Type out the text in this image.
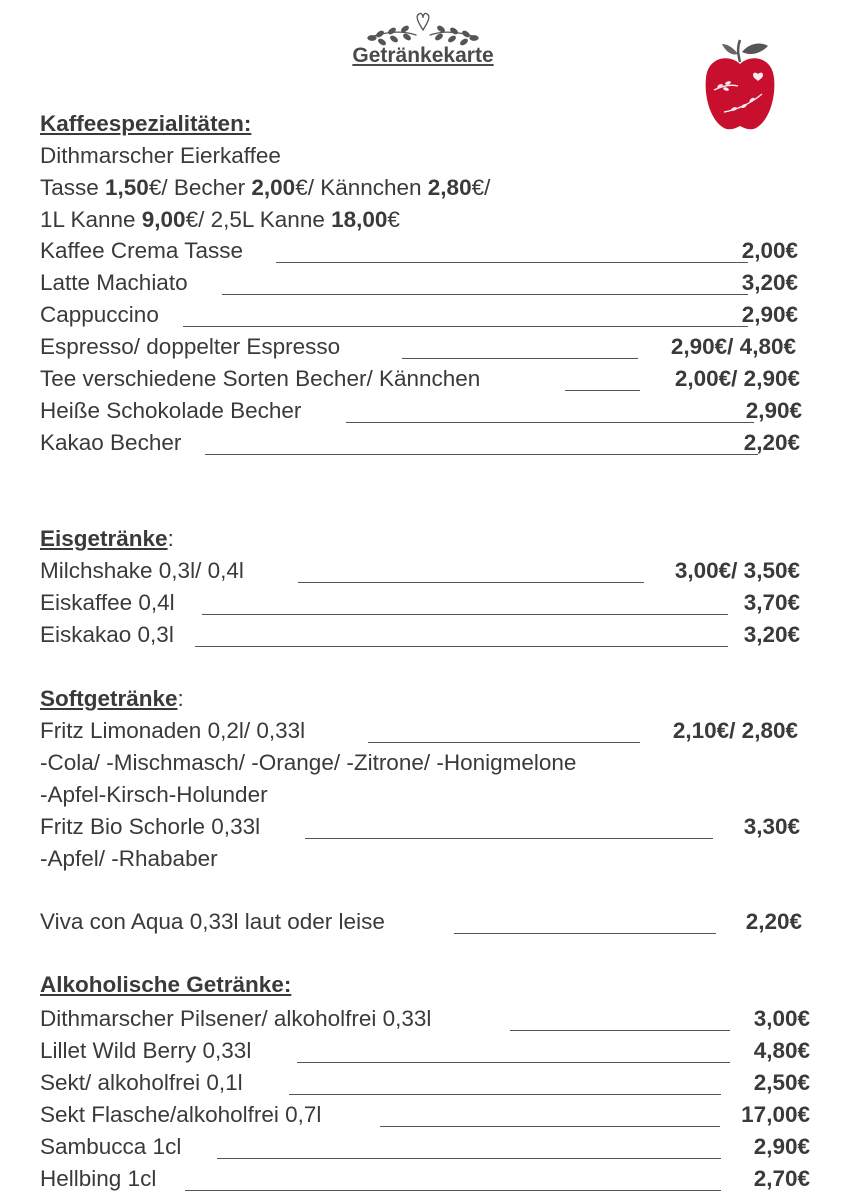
Getränkekarte
Kaffeespezialitäten:
Dithmarscher Eierkaffee
Tasse 1,50€/ Becher 2,00€/ Kännchen 2,80€/
1L Kanne 9,00€/ 2,5L Kanne 18,00€
Kaffee Crema Tasse	2,00€
Latte Machiato	3,20€
Cappuccino	2,90€
Espresso/ doppelter Espresso	2,90€/ 4,80€
Tee verschiedene Sorten Becher/ Kännchen	2,00€/ 2,90€
Heiße Schokolade Becher	2,90€
Kakao Becher	2,20€
Eisgetränke:
Milchshake 0,3l/ 0,4l	3,00€/ 3,50€
Eiskaffee 0,4l	3,70€
Eiskakao 0,3l	3,20€
Softgetränke:
Fritz Limonaden 0,2l/ 0,33l	2,10€/ 2,80€
-Cola/ -Mischmasch/ -Orange/ -Zitrone/ -Honigmelone
-Apfel-Kirsch-Holunder
Fritz Bio Schorle 0,33l	3,30€
-Apfel/ -Rhababer
Viva con Aqua 0,33l laut oder leise	2,20€
Alkoholische Getränke:
Dithmarscher Pilsener/ alkoholfrei 0,33l	3,00€
Lillet Wild Berry 0,33l	4,80€
Sekt/ alkoholfrei 0,1l	2,50€
Sekt Flasche/alkoholfrei 0,7l	17,00€
Sambucca 1cl	2,90€
Hellbing 1cl	2,70€
